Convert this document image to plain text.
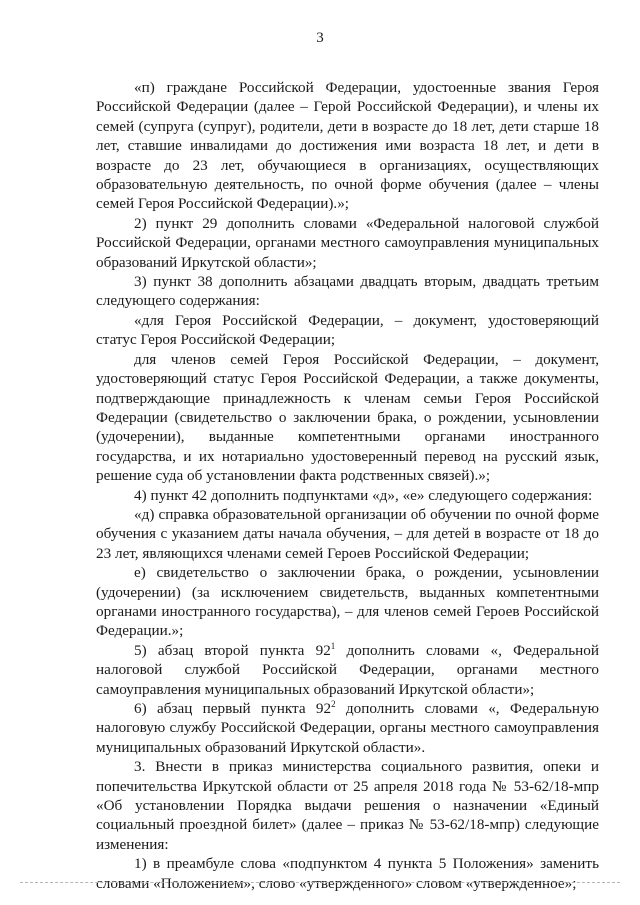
3

«п) граждане Российской Федерации, удостоенные звания Героя Российской Федерации (далее – Герой Российской Федерации), и члены их семей (супруга (супруг), родители, дети в возрасте до 18 лет, дети старше 18 лет, ставшие инвалидами до достижения ими возраста 18 лет, и дети в возрасте до 23 лет, обучающиеся в организациях, осуществляющих образовательную деятельность, по очной форме обучения (далее – члены семей Героя Российской Федерации).»;

2) пункт 29 дополнить словами «Федеральной налоговой службой Российской Федерации, органами местного самоуправления муниципальных образований Иркутской области»;

3) пункт 38 дополнить абзацами двадцать вторым, двадцать третьим следующего содержания:

«для Героя Российской Федерации, – документ, удостоверяющий статус Героя Российской Федерации;

для членов семей Героя Российской Федерации, – документ, удостоверяющий статус Героя Российской Федерации, а также документы, подтверждающие принадлежность к членам семьи Героя Российской Федерации (свидетельство о заключении брака, о рождении, усыновлении (удочерении), выданные компетентными органами иностранного государства, и их нотариально удостоверенный перевод на русский язык, решение суда об установлении факта родственных связей).»;

4) пункт 42 дополнить подпунктами «д», «е» следующего содержания:

«д) справка образовательной организации об обучении по очной форме обучения с указанием даты начала обучения, – для детей в возрасте от 18 до 23 лет, являющихся членами семей Героев Российской Федерации;

е) свидетельство о заключении брака, о рождении, усыновлении (удочерении) (за исключением свидетельств, выданных компетентными органами иностранного государства), – для членов семей Героев Российской Федерации.»;

5) абзац второй пункта $92^1$ дополнить словами «, Федеральной налоговой службой Российской Федерации, органами местного самоуправления муниципальных образований Иркутской области»;

6) абзац первый пункта $92^2$ дополнить словами «, Федеральную налоговую службу Российской Федерации, органы местного самоуправления муниципальных образований Иркутской области».

3. Внести в приказ министерства социального развития, опеки и попечительства Иркутской области от 25 апреля 2018 года № 53-62/18-мпр «Об установлении Порядка выдачи решения о назначении «Единый социальный проездной билет» (далее – приказ № 53-62/18-мпр) следующие изменения:

1) в преамбуле слова «подпунктом 4 пункта 5 Положения» заменить словами «Положением», слово «утвержденного» словом «утвержденное»;
